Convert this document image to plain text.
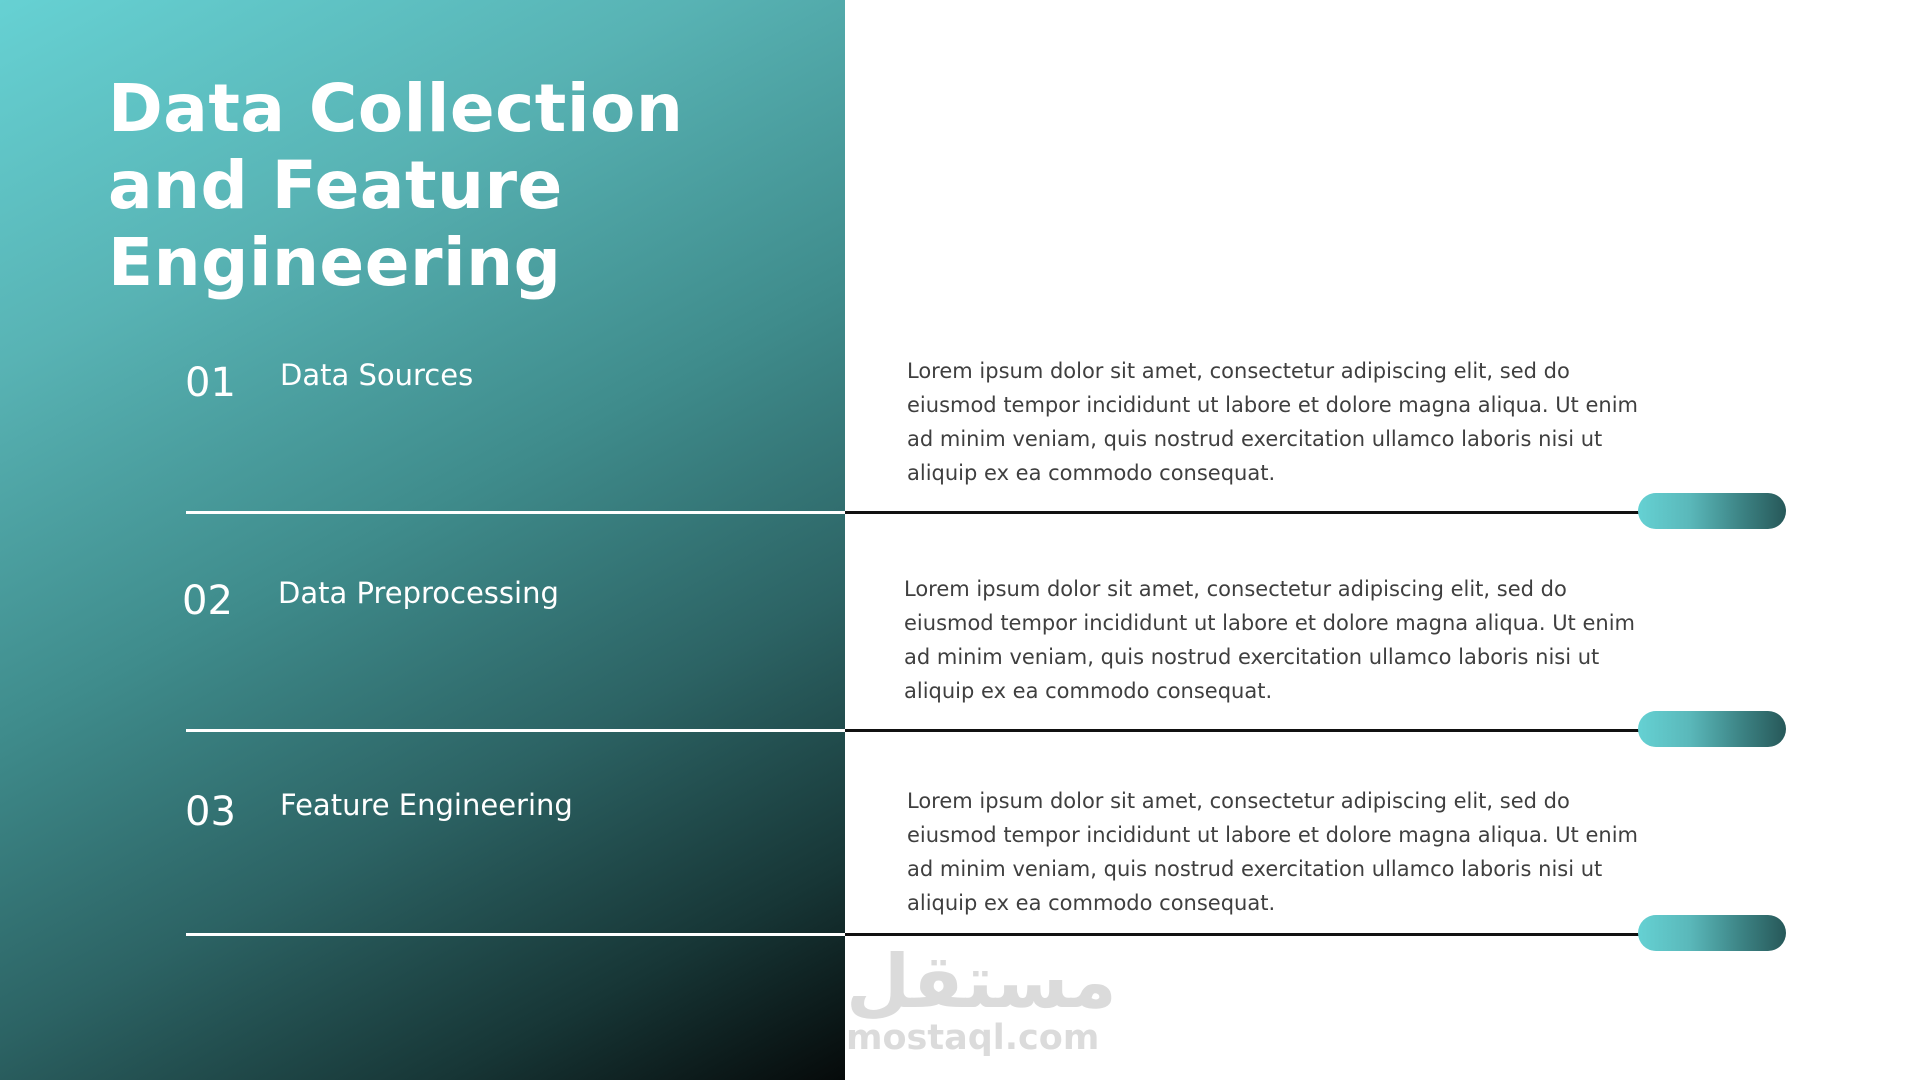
Data Collection and Feature Engineering
01 Data Sources	Lorem ipsum dolor sit amet, consectetur adipiscing elit, sed do eiusmod tempor incididunt ut labore et dolore magna aliqua. Ut enim ad minim veniam, quis nostrud exercitation ullamco laboris nisi ut aliquip ex ea commodo consequat.

02 Data Preprocessing	Lorem ipsum dolor sit amet, consectetur adipiscing elit, sed do eiusmod tempor incididunt ut labore et dolore magna aliqua. Ut enim ad minim veniam, quis nostrud exercitation ullamco laboris nisi ut aliquip ex ea commodo consequat.

03 Feature Engineering	Lorem ipsum dolor sit amet, consectetur adipiscing elit, sed do eiusmod tempor incididunt ut labore et dolore magna aliqua. Ut enim ad minim veniam, quis nostrud exercitation ullamco laboris nisi ut aliquip ex ea commodo consequat.

مستقل
mostaql.com
